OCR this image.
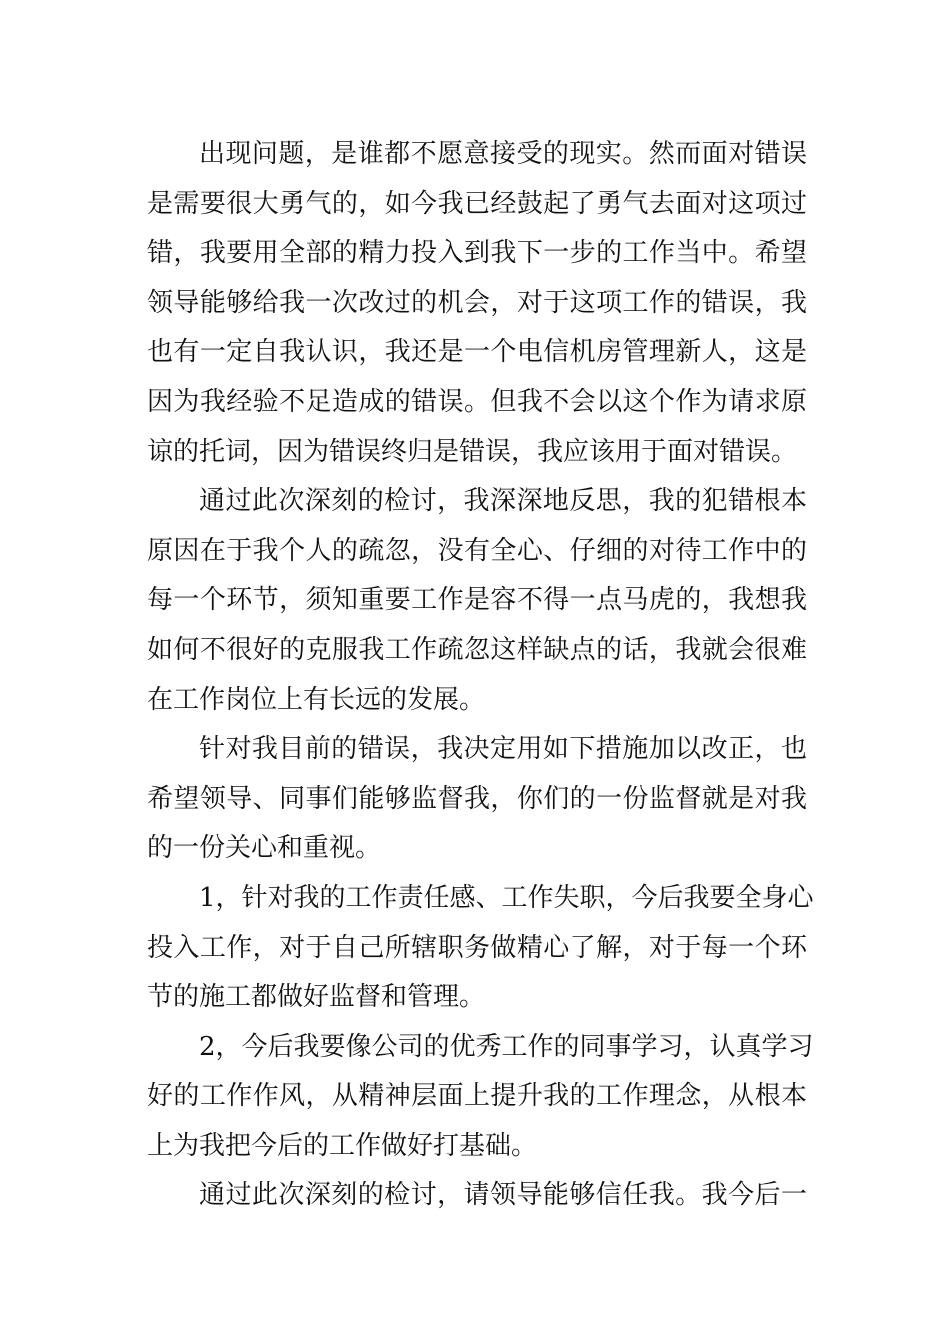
出现问题，是谁都不愿意接受的现实。然而面对错误
是需要很大勇气的，如今我已经鼓起了勇气去面对这项过
错，我要用全部的精力投入到我下一步的工作当中。希望
领导能够给我一次改过的机会，对于这项工作的错误，我
也有一定自我认识，我还是一个电信机房管理新人，这是
因为我经验不足造成的错误。但我不会以这个作为请求原
谅的托词，因为错误终归是错误，我应该用于面对错误。
通过此次深刻的检讨，我深深地反思，我的犯错根本
原因在于我个人的疏忽，没有全心、仔细的对待工作中的
每一个环节，须知重要工作是容不得一点马虎的，我想我
如何不很好的克服我工作疏忽这样缺点的话，我就会很难
在工作岗位上有长远的发展。
针对我目前的错误，我决定用如下措施加以改正，也
希望领导、同事们能够监督我，你们的一份监督就是对我
的一份关心和重视。
1，针对我的工作责任感、工作失职，今后我要全身心
投入工作，对于自己所辖职务做精心了解，对于每一个环
节的施工都做好监督和管理。
2，今后我要像公司的优秀工作的同事学习，认真学习
好的工作作风，从精神层面上提升我的工作理念，从根本
上为我把今后的工作做好打基础。
通过此次深刻的检讨，请领导能够信任我。我今后一
